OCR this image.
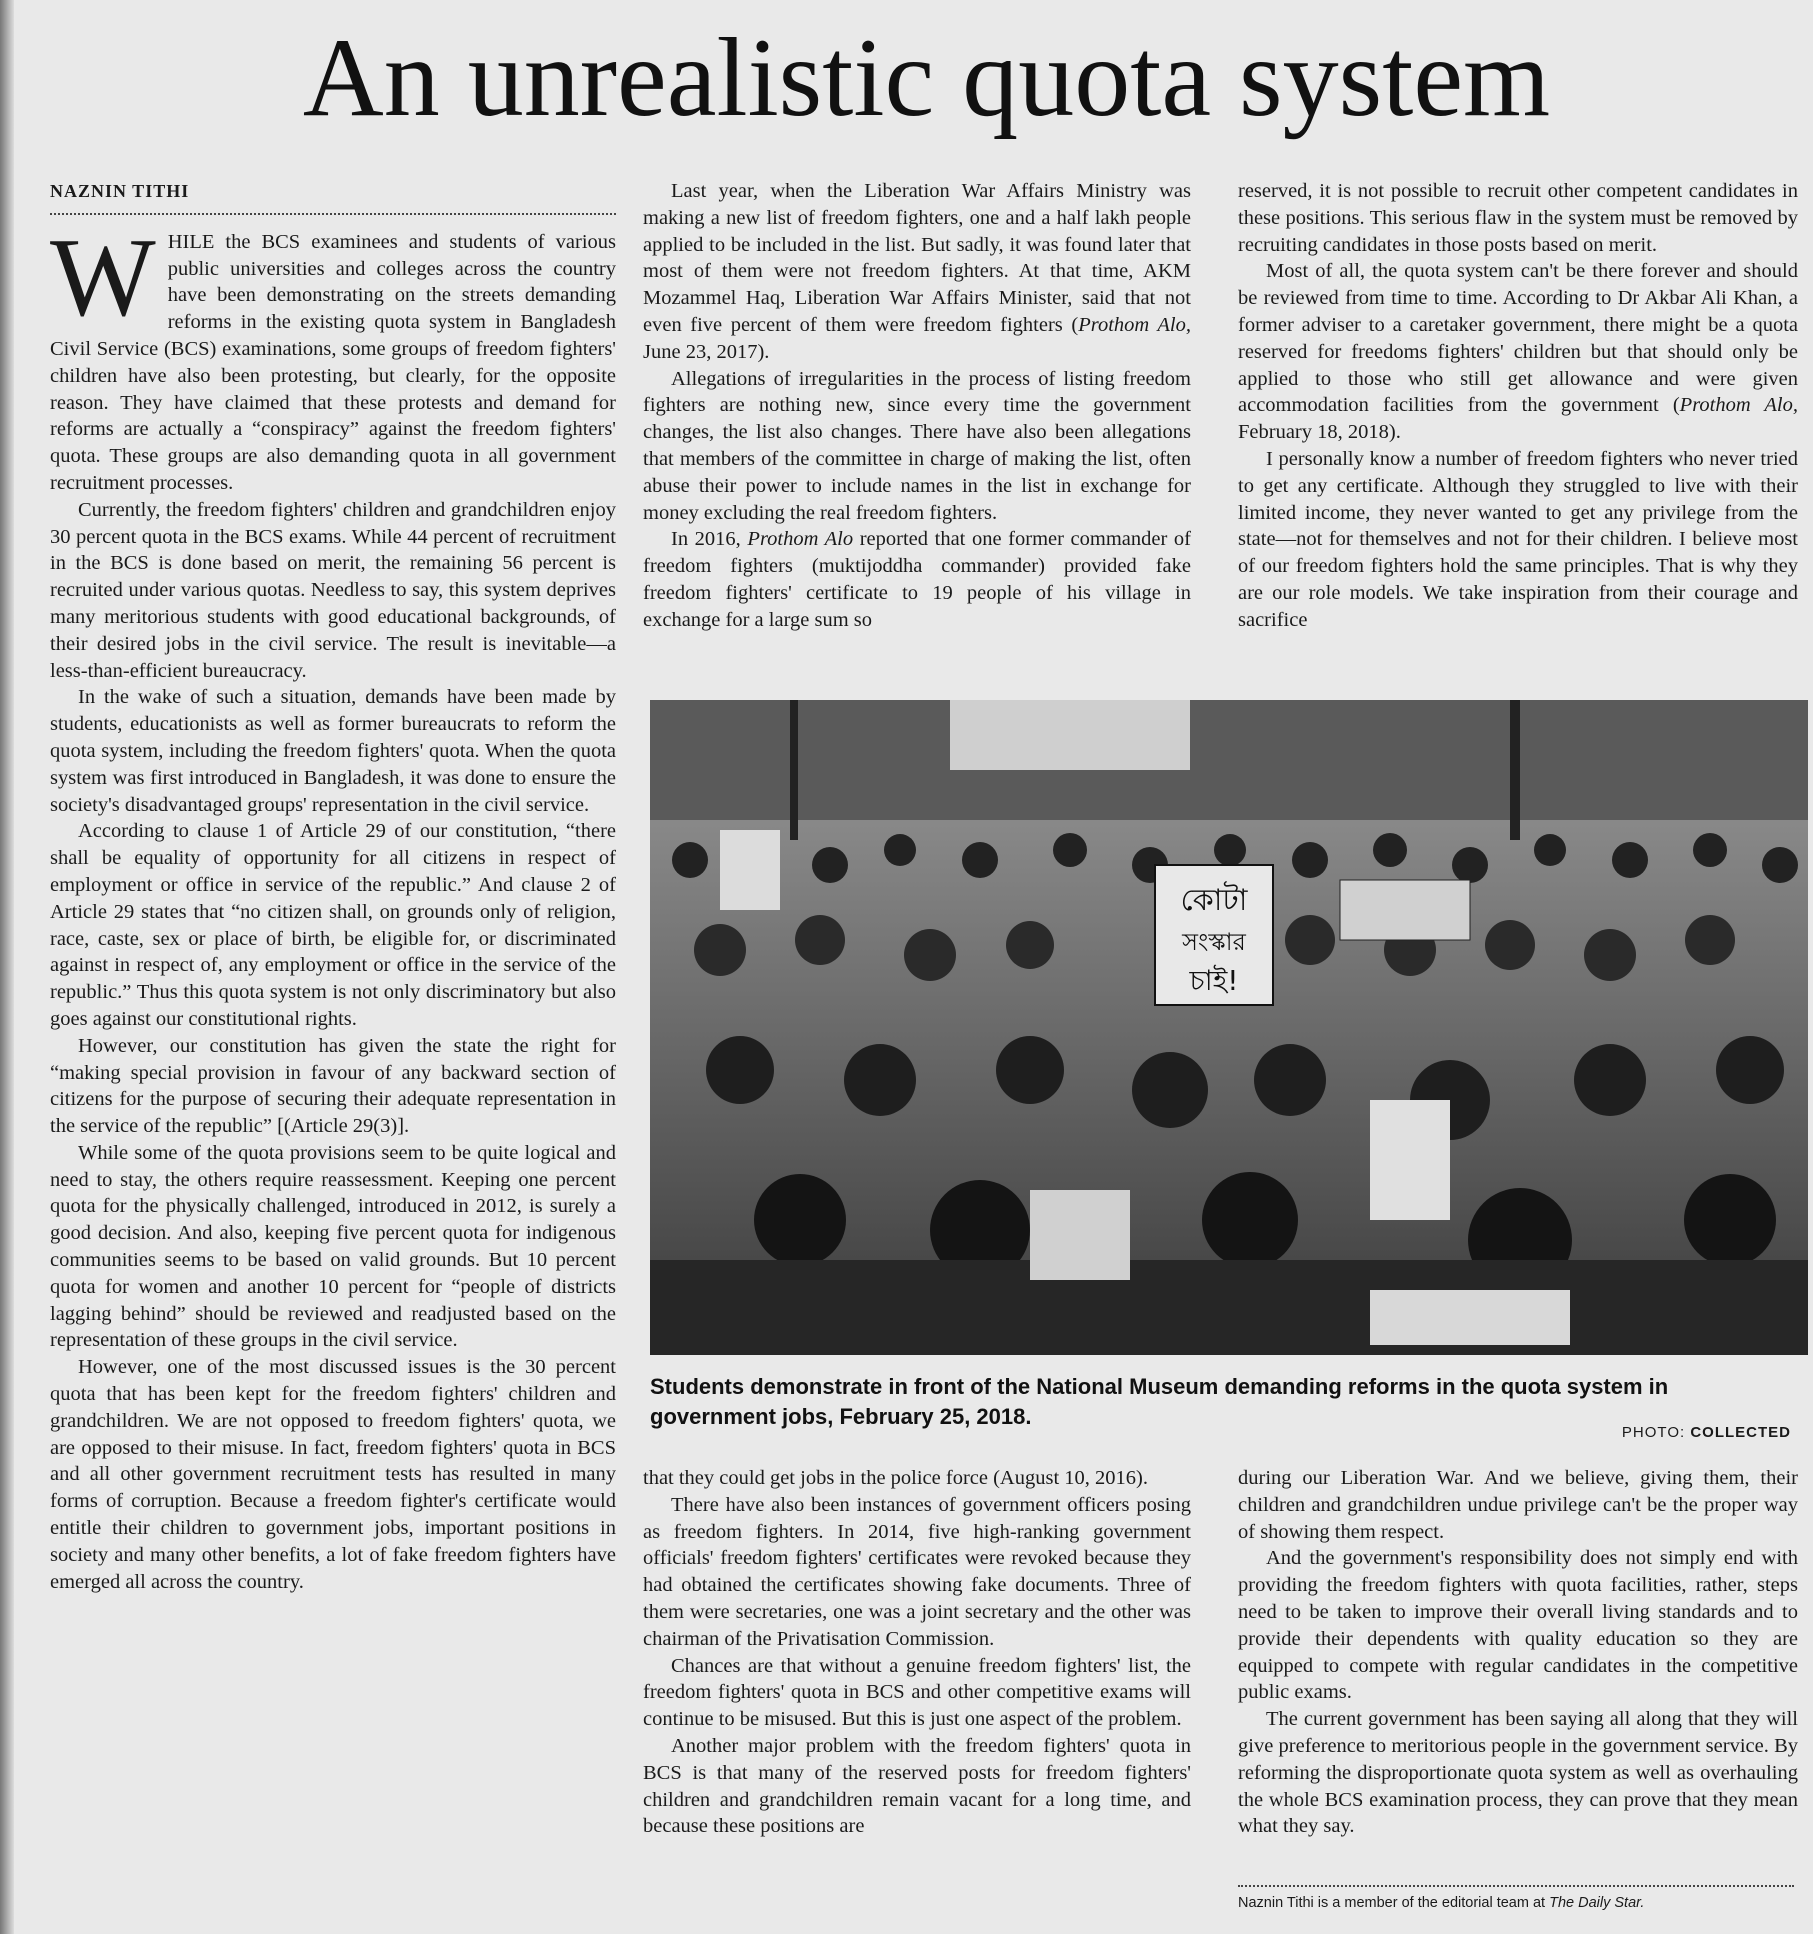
An unrealistic quota system
NAZNIN TITHI

WHILE the BCS examinees and students of various public universities and colleges across the country have been demonstrating on the streets demanding reforms in the existing quota system in Bangladesh Civil Service (BCS) examinations, some groups of freedom fighters' children have also been protesting, but clearly, for the opposite reason. They have claimed that these protests and demand for reforms are actually a “conspiracy” against the freedom fighters' quota. These groups are also demanding quota in all government recruitment processes.

Currently, the freedom fighters' children and grandchildren enjoy 30 percent quota in the BCS exams. While 44 percent of recruitment in the BCS is done based on merit, the remaining 56 percent is recruited under various quotas. Needless to say, this system deprives many meritorious students with good educational backgrounds, of their desired jobs in the civil service. The result is inevitable—a less-than-efficient bureaucracy.

In the wake of such a situation, demands have been made by students, educationists as well as former bureaucrats to reform the quota system, including the freedom fighters' quota. When the quota system was first introduced in Bangladesh, it was done to ensure the society's disadvantaged groups' representation in the civil service.

According to clause 1 of Article 29 of our constitution, “there shall be equality of opportunity for all citizens in respect of employment or office in service of the republic.” And clause 2 of Article 29 states that “no citizen shall, on grounds only of religion, race, caste, sex or place of birth, be eligible for, or discriminated against in respect of, any employment or office in the service of the republic.” Thus this quota system is not only discriminatory but also goes against our constitutional rights.

However, our constitution has given the state the right for “making special provision in favour of any backward section of citizens for the purpose of securing their adequate representation in the service of the republic” [(Article 29(3)].

While some of the quota provisions seem to be quite logical and need to stay, the others require reassessment. Keeping one percent quota for the physically challenged, introduced in 2012, is surely a good decision. And also, keeping five percent quota for indigenous communities seems to be based on valid grounds. But 10 percent quota for women and another 10 percent for “people of districts lagging behind” should be reviewed and readjusted based on the representation of these groups in the civil service.

However, one of the most discussed issues is the 30 percent quota that has been kept for the freedom fighters' children and grandchildren. We are not opposed to freedom fighters' quota, we are opposed to their misuse. In fact, freedom fighters' quota in BCS and all other government recruitment tests has resulted in many forms of corruption. Because a freedom fighter's certificate would entitle their children to government jobs, important positions in society and many other benefits, a lot of fake freedom fighters have emerged all across the country.

Last year, when the Liberation War Affairs Ministry was making a new list of freedom fighters, one and a half lakh people applied to be included in the list. But sadly, it was found later that most of them were not freedom fighters. At that time, AKM Mozammel Haq, Liberation War Affairs Minister, said that not even five percent of them were freedom fighters (Prothom Alo, June 23, 2017).

Allegations of irregularities in the process of listing freedom fighters are nothing new, since every time the government changes, the list also changes. There have also been allegations that members of the committee in charge of making the list, often abuse their power to include names in the list in exchange for money excluding the real freedom fighters.

In 2016, Prothom Alo reported that one former commander of freedom fighters (muktijoddha commander) provided fake freedom fighters' certificate to 19 people of his village in exchange for a large sum so

reserved, it is not possible to recruit other competent candidates in these positions. This serious flaw in the system must be removed by recruiting candidates in those posts based on merit.

Most of all, the quota system can't be there forever and should be reviewed from time to time. According to Dr Akbar Ali Khan, a former adviser to a caretaker government, there might be a quota reserved for freedoms fighters' children but that should only be applied to those who still get allowance and were given accommodation facilities from the government (Prothom Alo, February 18, 2018).

I personally know a number of freedom fighters who never tried to get any certificate. Although they struggled to live with their limited income, they never wanted to get any privilege from the state—not for themselves and not for their children. I believe most of our freedom fighters hold the same principles. That is why they are our role models. We take inspiration from their courage and sacrifice

কোটা
সংস্কার
চাই!
Students demonstrate in front of the National Museum demanding reforms in the quota system in government jobs, February 25, 2018.
PHOTO: COLLECTED

that they could get jobs in the police force (August 10, 2016).

There have also been instances of government officers posing as freedom fighters. In 2014, five high-ranking government officials' freedom fighters' certificates were revoked because they had obtained the certificates showing fake documents. Three of them were secretaries, one was a joint secretary and the other was chairman of the Privatisation Commission.

Chances are that without a genuine freedom fighters' list, the freedom fighters' quota in BCS and other competitive exams will continue to be misused. But this is just one aspect of the problem.

Another major problem with the freedom fighters' quota in BCS is that many of the reserved posts for freedom fighters' children and grandchildren remain vacant for a long time, and because these positions are

during our Liberation War. And we believe, giving them, their children and grandchildren undue privilege can't be the proper way of showing them respect.

And the government's responsibility does not simply end with providing the freedom fighters with quota facilities, rather, steps need to be taken to improve their overall living standards and to provide their dependents with quality education so they are equipped to compete with regular candidates in the competitive public exams.

The current government has been saying all along that they will give preference to meritorious people in the government service. By reforming the disproportionate quota system as well as overhauling the whole BCS examination process, they can prove that they mean what they say.

Naznin Tithi is a member of the editorial team at The Daily Star.
